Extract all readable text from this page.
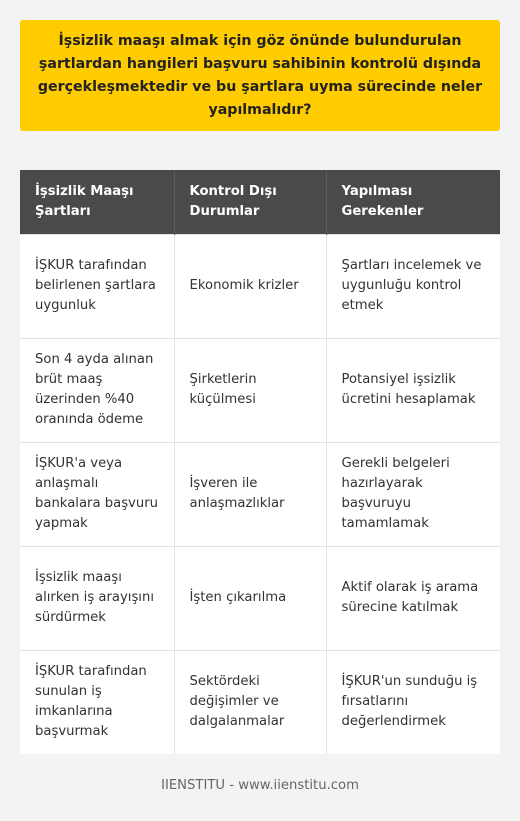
İşsizlik maaşı almak için göz önünde bulundurulan şartlardan hangileri başvuru sahibinin kontrolü dışında gerçekleşmektedir ve bu şartlara uyma sürecinde neler yapılmalıdır?

İşsizlik Maaşı Şartları	Kontrol Dışı Durumlar	Yapılması Gerekenler
İŞKUR tarafından belirlenen şartlara uygunluk	Ekonomik krizler	Şartları incelemek ve uygunluğu kontrol etmek
Son 4 ayda alınan brüt maaş üzerinden %40 oranında ödeme	Şirketlerin küçülmesi	Potansiyel işsizlik ücretini hesaplamak
İŞKUR'a veya anlaşmalı bankalara başvuru yapmak	İşveren ile anlaşmazlıklar	Gerekli belgeleri hazırlayarak başvuruyu tamamlamak
İşsizlik maaşı alırken iş arayışını sürdürmek	İşten çıkarılma	Aktif olarak iş arama sürecine katılmak
İŞKUR tarafından sunulan iş imkanlarına başvurmak	Sektördeki değişimler ve dalgalanmalar	İŞKUR'un sunduğu iş fırsatlarını değerlendirmek
IIENSTITU - www.iienstitu.com
